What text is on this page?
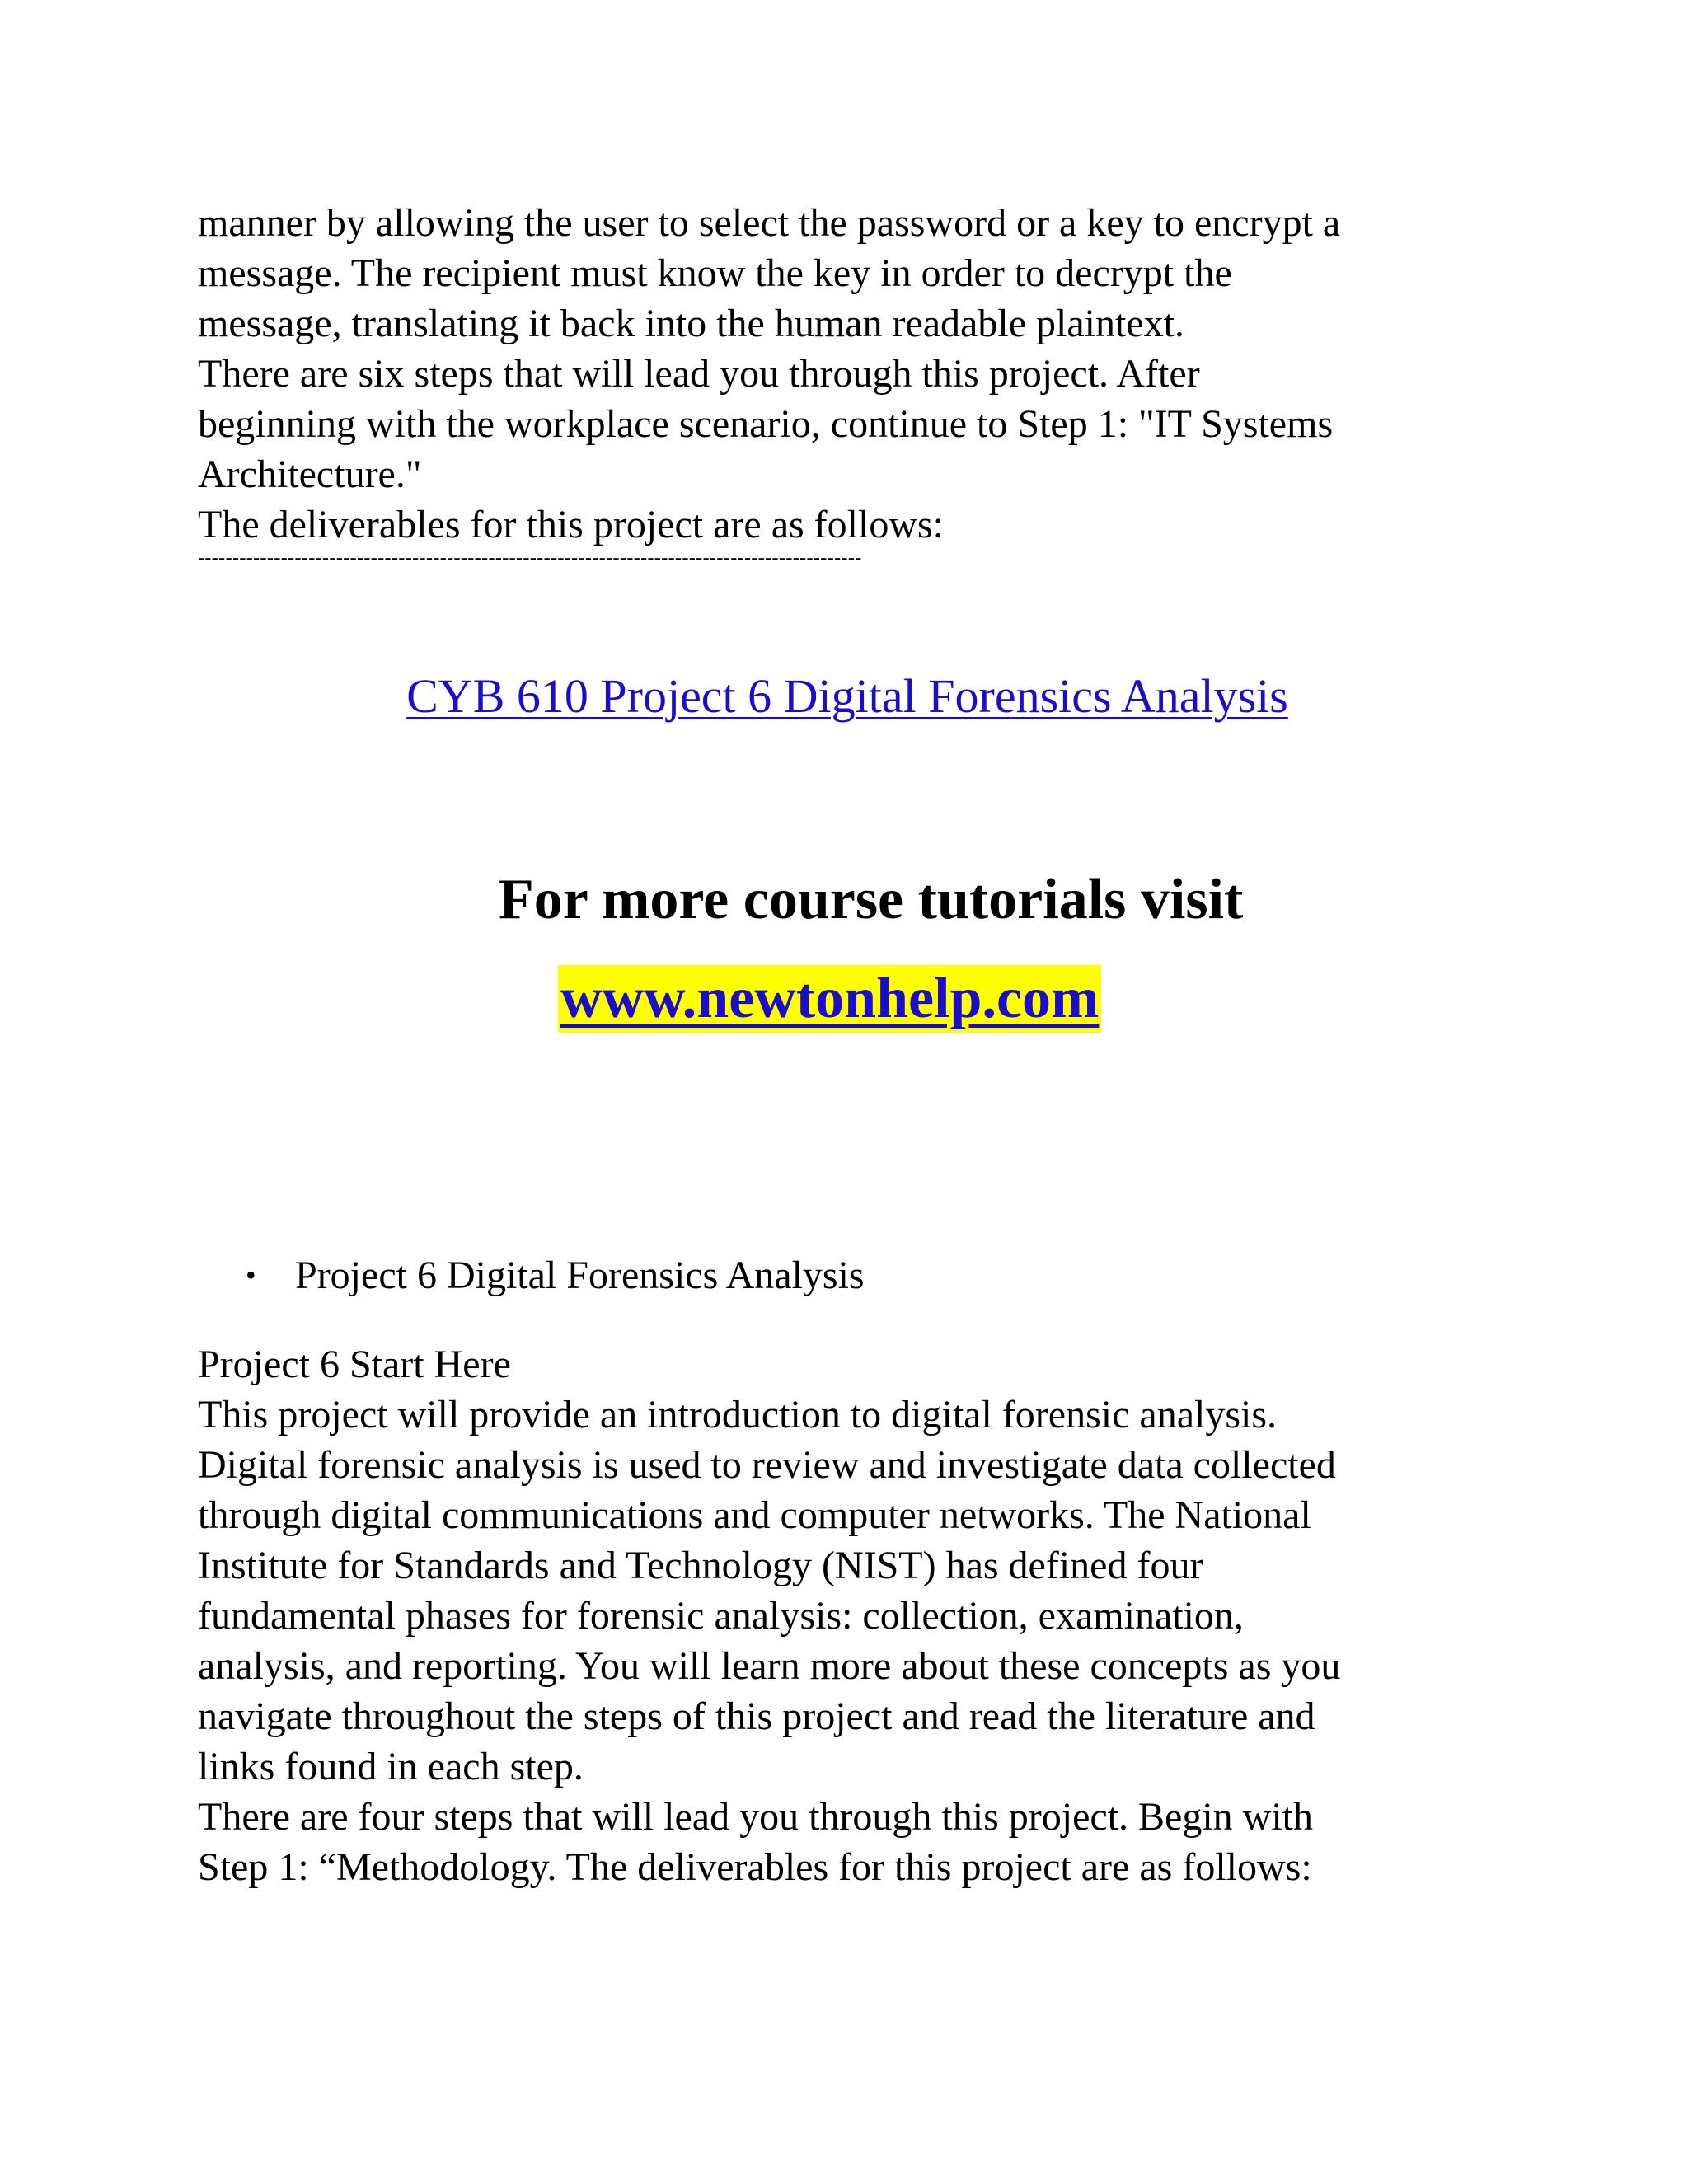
manner by allowing the user to select the password or a key to encrypt a
message. The recipient must know the key in order to decrypt the
message, translating it back into the human readable plaintext.
There are six steps that will lead you through this project. After
beginning with the workplace scenario, continue to Step 1: "IT Systems
Architecture."
The deliverables for this project are as follows:
------------------------------------------------------------------------------------------------
CYB 610 Project 6 Digital Forensics Analysis
For more course tutorials visit
www.newtonhelp.com
• Project 6 Digital Forensics Analysis
Project 6 Start Here
This project will provide an introduction to digital forensic analysis.
Digital forensic analysis is used to review and investigate data collected
through digital communications and computer networks. The National
Institute for Standards and Technology (NIST) has defined four
fundamental phases for forensic analysis: collection, examination,
analysis, and reporting. You will learn more about these concepts as you
navigate throughout the steps of this project and read the literature and
links found in each step.
There are four steps that will lead you through this project. Begin with
Step 1: “Methodology. The deliverables for this project are as follows:
